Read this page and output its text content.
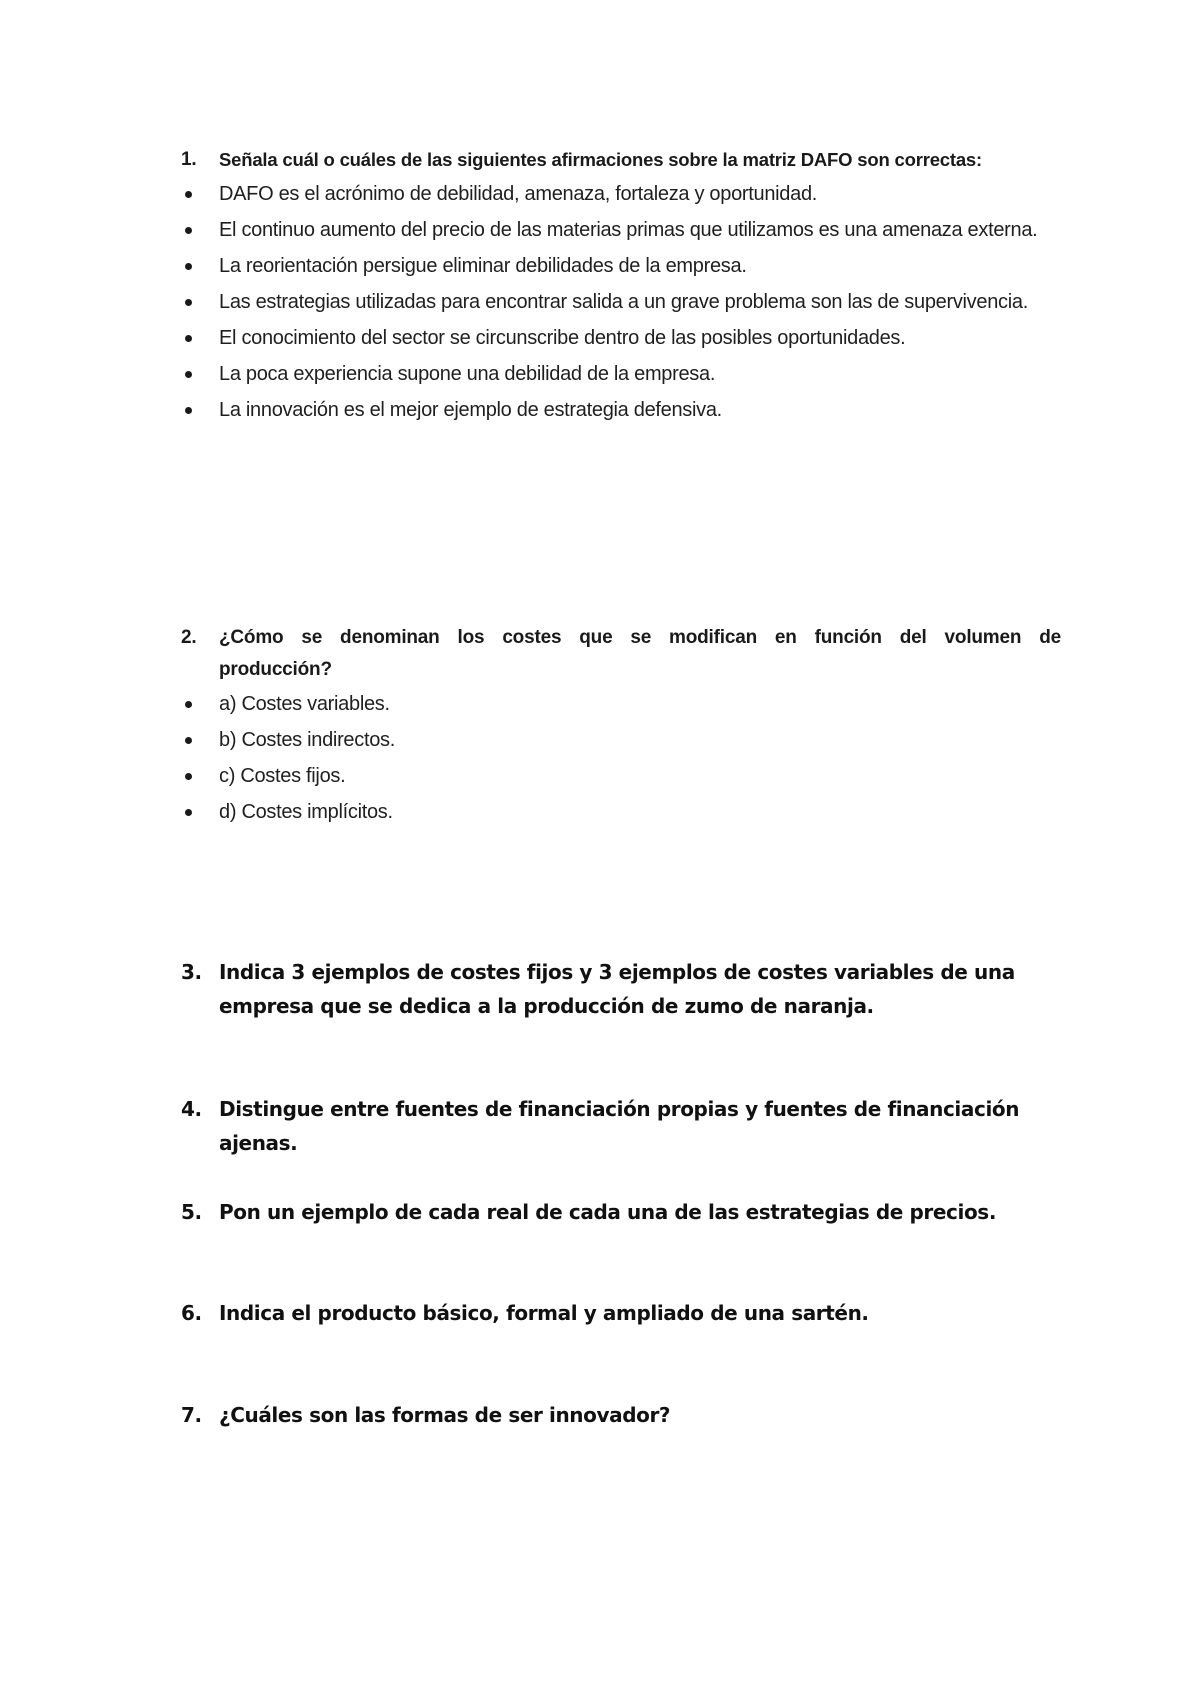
1.	Señala cuál o cuáles de las siguientes afirmaciones sobre la matriz DAFO son correctas:
DAFO es el acrónimo de debilidad, amenaza, fortaleza y oportunidad.
El continuo aumento del precio de las materias primas que utilizamos es una amenaza externa.
La reorientación persigue eliminar debilidades de la empresa.
Las estrategias utilizadas para encontrar salida a un grave problema son las de supervivencia.
El conocimiento del sector se circunscribe dentro de las posibles oportunidades.
La poca experiencia supone una debilidad de la empresa.
La innovación es el mejor ejemplo de estrategia defensiva.
2.	¿Cómo se denominan los costes que se modifican en función del volumen de producción?
a) Costes variables.
b) Costes indirectos.
c) Costes fijos.
d) Costes implícitos.
3. Indica 3 ejemplos de costes fijos y 3 ejemplos de costes variables de una empresa que se dedica a la producción de zumo de naranja.
4. Distingue entre fuentes de financiación propias y fuentes de financiación ajenas.
5. Pon un ejemplo de cada real de cada una de las estrategias de precios.
6. Indica el producto básico, formal y ampliado de una sartén.
7. ¿Cuáles son las formas de ser innovador?
